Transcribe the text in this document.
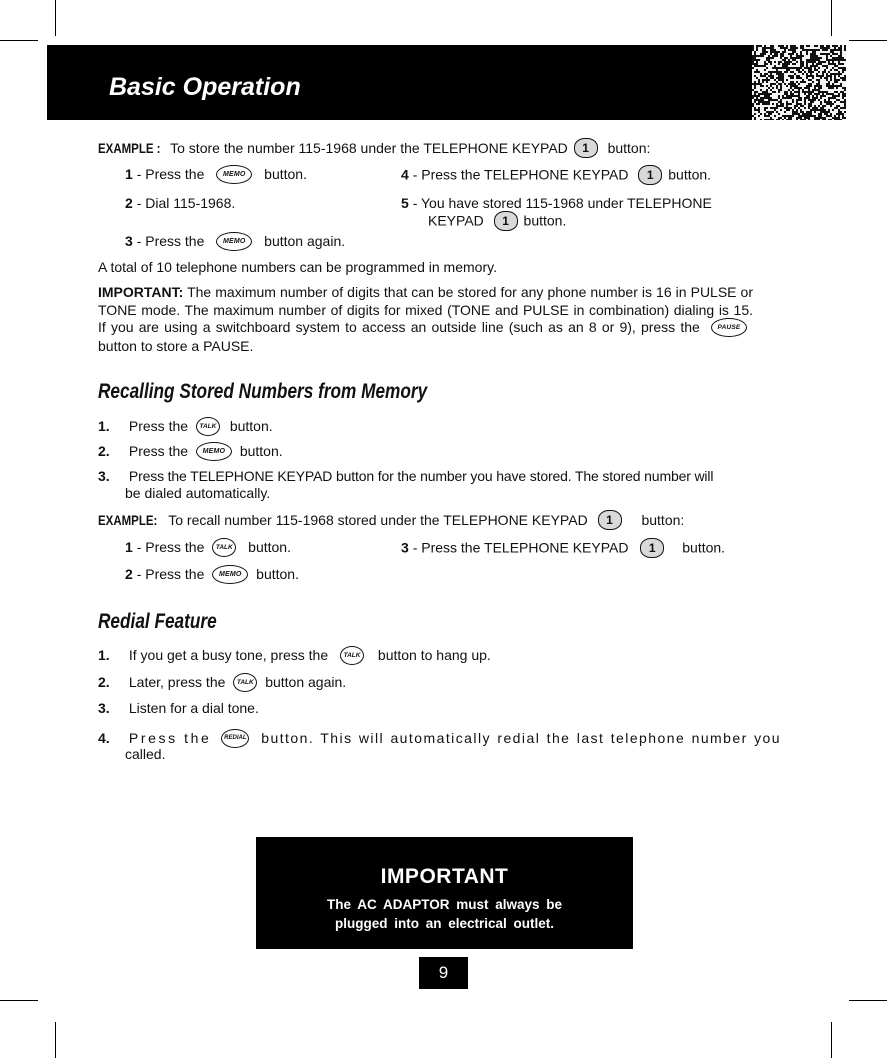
Basic Operation
EXAMPLE : To store the number 115-1968 under the TELEPHONE KEYPAD 1 button:
1 - Press the	MEMO button.
2 - Dial 115-1968.
3 - Press the	MEMO button again.
4 - Press the TELEPHONE KEYPAD 1 button.
5 - You have stored 115-1968 under TELEPHONE
KEYPAD 1 button.
A total of 10 telephone numbers can be programmed in memory.
IMPORTANT: The maximum number of digits that can be stored for any phone number is 16 in PULSE or TONE mode. The maximum number of digits for mixed (TONE and PULSE in combination) dialing is 15. If you are using a switchboard system to access an outside line (such as an 8 or 9), press the	PAUSE button to store a PAUSE.
Recalling Stored Numbers from Memory
1. Press the TALK button.
2. Press the MEMO button.
3. Press the TELEPHONE KEYPAD button for the number you have stored. The stored number will
be dialed automatically.
EXAMPLE: To recall number 115-1968 stored under the TELEPHONE KEYPAD 1 button:
1 - Press the TALK button.
2 - Press the MEMO button.
3 - Press the TELEPHONE KEYPAD 1 button.
Redial Feature
1. If you get a busy tone, press the TALK button to hang up.
2. Later, press the TALK button again.
3. Listen for a dial tone.
4. Press the REDIAL button. This will automatically redial the last telephone number you
called.
IMPORTANT
The AC ADAPTOR must always be plugged into an electrical outlet.
9
